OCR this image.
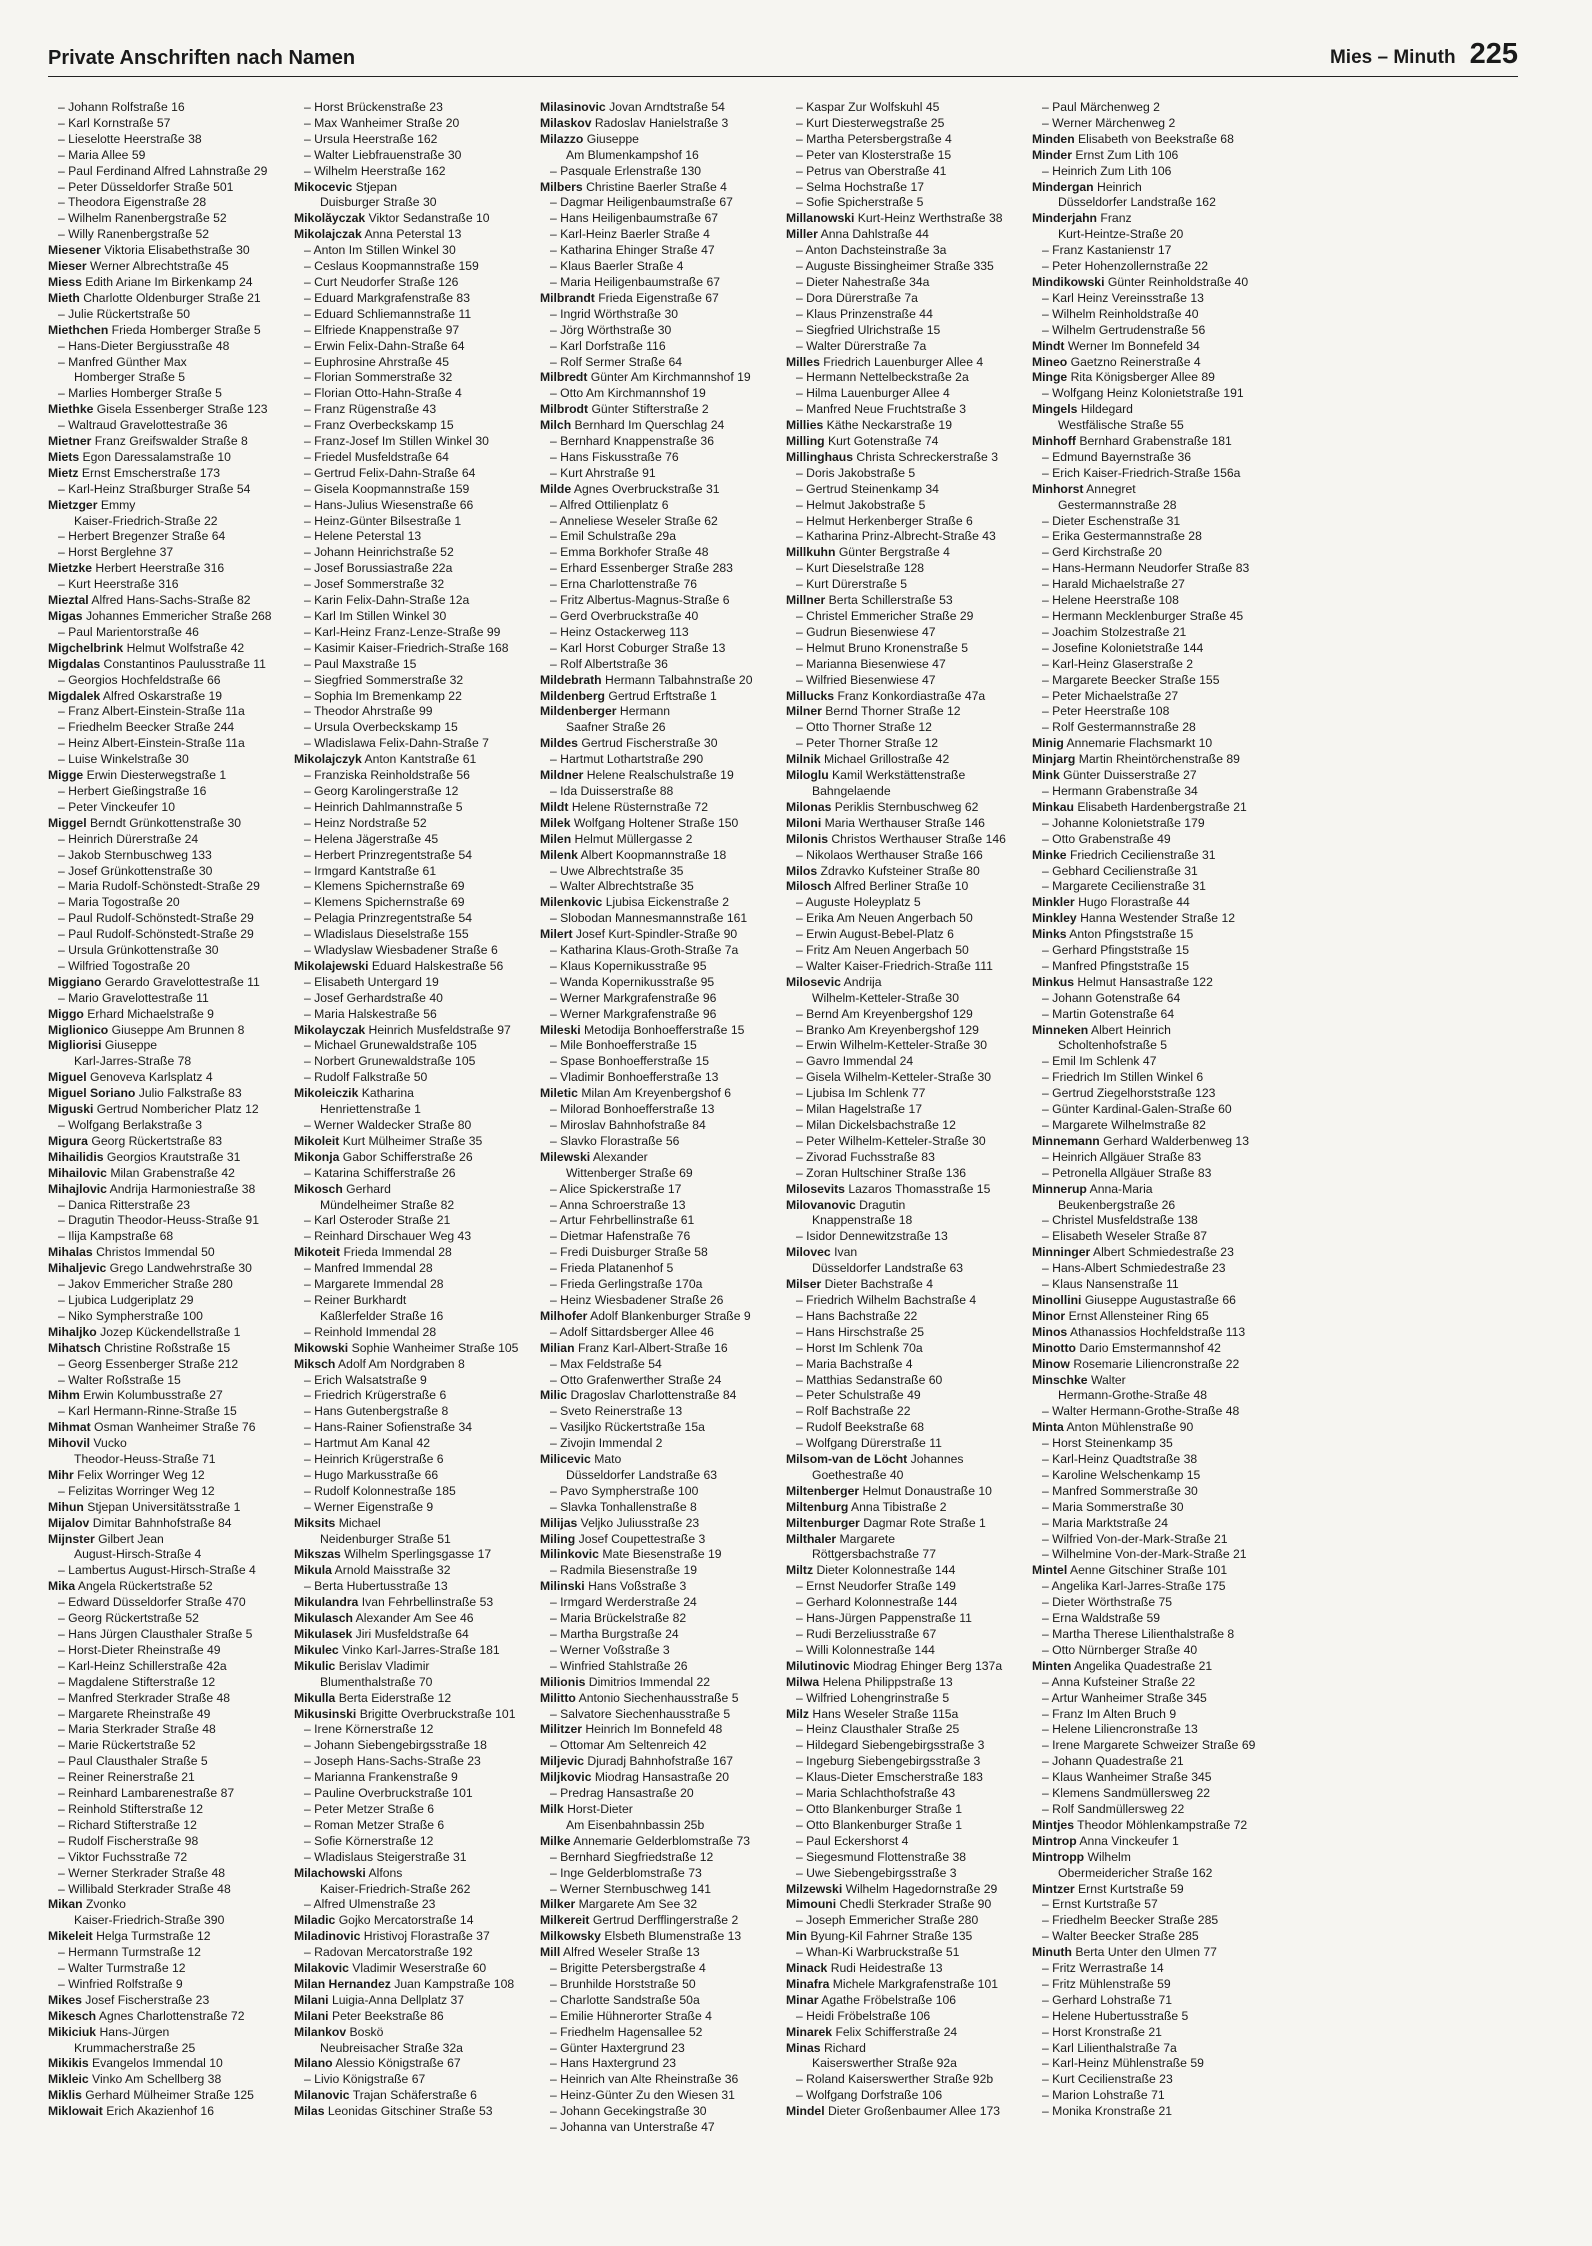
Private Anschriften nach Namen	Mies – Minuth 225
– Johann Rolfstraße 16
– Karl Kornstraße 57
– Lieselotte Heerstraße 38
– Maria Allee 59
– Paul Ferdinand Alfred Lahnstraße 29
– Peter Düsseldorfer Straße 501
– Theodora Eigenstraße 28
– Wilhelm Ranenbergstraße 52
– Willy Ranenbergstraße 52
Miesener Viktoria Elisabethstraße 30
Mieser Werner Albrechtstraße 45
Miess Edith Ariane Im Birkenkamp 24
Mieth Charlotte Oldenburger Straße 21
– Julie Rückertstraße 50
Miethchen Frieda Homberger Straße 5
– Hans-Dieter Bergiusstraße 48
– Manfred Günther Max
Homberger Straße 5
– Marlies Homberger Straße 5
Miethke Gisela Essenberger Straße 123
– Waltraud Gravelottestraße 36
Mietner Franz Greifswalder Straße 8
Miets Egon Daressalamstraße 10
Mietz Ernst Emscherstraße 173
– Karl-Heinz Straßburger Straße 54
Mietzger Emmy
Kaiser-Friedrich-Straße 22
– Herbert Bregenzer Straße 64
– Horst Berglehne 37
Mietzke Herbert Heerstraße 316
– Kurt Heerstraße 316
Mieztal Alfred Hans-Sachs-Straße 82
Migas Johannes Emmericher Straße 268
– Paul Marientorstraße 46
Migchelbrink Helmut Wolfstraße 42
Migdalas Constantinos Paulusstraße 11
– Georgios Hochfeldstraße 66
Migdalek Alfred Oskarstraße 19
– Franz Albert-Einstein-Straße 11a
– Friedhelm Beecker Straße 244
– Heinz Albert-Einstein-Straße 11a
– Luise Winkelstraße 30
Migge Erwin Diesterwegstraße 1
– Herbert Gießingstraße 16
– Peter Vinckeufer 10
Miggel Berndt Grünkottenstraße 30
– Heinrich Dürerstraße 24
– Jakob Sternbuschweg 133
– Josef Grünkottenstraße 30
– Maria Rudolf-Schönstedt-Straße 29
– Maria Togostraße 20
– Paul Rudolf-Schönstedt-Straße 29
– Paul Rudolf-Schönstedt-Straße 29
– Ursula Grünkottenstraße 30
– Wilfried Togostraße 20
Miggiano Gerardo Gravelottestraße 11
– Mario Gravelottestraße 11
Miggo Erhard Michaelstraße 9
Miglionico Giuseppe Am Brunnen 8
Migliorisi Giuseppe
Karl-Jarres-Straße 78
Miguel Genoveva Karlsplatz 4
Miguel Soriano Julio Falkstraße 83
Miguski Gertrud Nombericher Platz 12
– Wolfgang Berlakstraße 3
Migura Georg Rückertstraße 83
Mihailidis Georgios Krautstraße 31
Mihailovic Milan Grabenstraße 42
Mihajlovic Andrija Harmoniestraße 38
– Danica Ritterstraße 23
– Dragutin Theodor-Heuss-Straße 91
– Ilija Kampstraße 68
Mihalas Christos Immendal 50
Mihaljevic Grego Landwehrstraße 30
– Jakov Emmericher Straße 280
– Ljubica Ludgeriplatz 29
– Niko Sympherstraße 100
Mihaljko Jozep Kückendellstraße 1
Mihatsch Christine Roßstraße 15
– Georg Essenberger Straße 212
– Walter Roßstraße 15
Mihm Erwin Kolumbusstraße 27
– Karl Hermann-Rinne-Straße 15
Mihmat Osman Wanheimer Straße 76
Mihovil Vucko
Theodor-Heuss-Straße 71
Mihr Felix Worringer Weg 12
– Felizitas Worringer Weg 12
Mihun Stjepan Universitätsstraße 1
Mijalov Dimitar Bahnhofstraße 84
Mijnster Gilbert Jean
August-Hirsch-Straße 4
– Lambertus August-Hirsch-Straße 4
Mika Angela Rückertstraße 52
– Edward Düsseldorfer Straße 470
– Georg Rückertstraße 52
– Hans Jürgen Clausthaler Straße 5
– Horst-Dieter Rheinstraße 49
– Karl-Heinz Schillerstraße 42a
– Magdalene Stifterstraße 12
– Manfred Sterkrader Straße 48
– Margarete Rheinstraße 49
– Maria Sterkrader Straße 48
– Marie Rückertstraße 52
– Paul Clausthaler Straße 5
– Reiner Reinerstraße 21
– Reinhard Lambarenestraße 87
– Reinhold Stifterstraße 12
– Richard Stifterstraße 12
– Rudolf Fischerstraße 98
– Viktor Fuchsstraße 72
– Werner Sterkrader Straße 48
– Willibald Sterkrader Straße 48
Mikan Zvonko
Kaiser-Friedrich-Straße 390
Mikeleit Helga Turmstraße 12
– Hermann Turmstraße 12
– Walter Turmstraße 12
– Winfried Rolfstraße 9
Mikes Josef Fischerstraße 23
Mikesch Agnes Charlottenstraße 72
Mikiciuk Hans-Jürgen
Krummacherstraße 25
Mikikis Evangelos Immendal 10
Mikleic Vinko Am Schellberg 38
Miklis Gerhard Mülheimer Straße 125
Miklowait Erich Akazienhof 16
– Horst Brückenstraße 23
– Max Wanheimer Straße 20
– Ursula Heerstraße 162
– Walter Liebfrauenstraße 30
– Wilhelm Heerstraße 162
Mikocevic Stjepan
Duisburger Straße 30
Mikolăyczak Viktor Sedanstraße 10
Mikolajczak Anna Peterstal 13
– Anton Im Stillen Winkel 30
– Ceslaus Koopmannstraße 159
– Curt Neudorfer Straße 126
– Eduard Markgrafenstraße 83
– Eduard Schliemannstraße 11
– Elfriede Knappenstraße 97
– Erwin Felix-Dahn-Straße 64
– Euphrosine Ahrstraße 45
– Florian Sommerstraße 32
– Florian Otto-Hahn-Straße 4
– Franz Rügenstraße 43
– Franz Overbeckskamp 15
– Franz-Josef Im Stillen Winkel 30
– Friedel Musfeldstraße 64
– Gertrud Felix-Dahn-Straße 64
– Gisela Koopmannstraße 159
– Hans-Julius Wiesenstraße 66
– Heinz-Günter Bilsestraße 1
– Helene Peterstal 13
– Johann Heinrichstraße 52
– Josef Borussiastraße 22a
– Josef Sommerstraße 32
– Karin Felix-Dahn-Straße 12a
– Karl Im Stillen Winkel 30
– Karl-Heinz Franz-Lenze-Straße 99
– Kasimir Kaiser-Friedrich-Straße 168
– Paul Maxstraße 15
– Siegfried Sommerstraße 32
– Sophia Im Bremenkamp 22
– Theodor Ahrstraße 99
– Ursula Overbeckskamp 15
– Wladislawa Felix-Dahn-Straße 7
Mikolajczyk Anton Kantstraße 61
– Franziska Reinholdstraße 56
– Georg Karolingerstraße 12
– Heinrich Dahlmannstraße 5
– Heinz Nordstraße 52
– Helena Jägerstraße 45
– Herbert Prinzregentstraße 54
– Irmgard Kantstraße 61
– Klemens Spichernstraße 69
– Klemens Spichernstraße 69
– Pelagia Prinzregentstraße 54
– Wladislaus Dieselstraße 155
– Wladyslaw Wiesbadener Straße 6
Mikolajewski Eduard Halskestraße 56
– Elisabeth Untergard 19
– Josef Gerhardstraße 40
– Maria Halskestraße 56
Mikolayczak Heinrich Musfeldstraße 97
– Michael Grunewaldstraße 105
– Norbert Grunewaldstraße 105
– Rudolf Falkstraße 50
Mikoleiczik Katharina
Henriettenstraße 1
– Werner Waldecker Straße 80
Mikoleit Kurt Mülheimer Straße 35
Mikonja Gabor Schifferstraße 26
– Katarina Schifferstraße 26
Mikosch Gerhard
Mündelheimer Straße 82
– Karl Osteroder Straße 21
– Reinhard Dirschauer Weg 43
Mikoteit Frieda Immendal 28
– Manfred Immendal 28
– Margarete Immendal 28
– Reiner Burkhardt
Kaßlerfelder Straße 16
– Reinhold Immendal 28
Mikowski Sophie Wanheimer Straße 105
Miksch Adolf Am Nordgraben 8
– Erich Walsatstraße 9
– Friedrich Krügerstraße 6
– Hans Gutenbergstraße 8
– Hans-Rainer Sofienstraße 34
– Hartmut Am Kanal 42
– Heinrich Krügerstraße 6
– Hugo Markusstraße 66
– Rudolf Kolonnestraße 185
– Werner Eigenstraße 9
Miksits Michael
Neidenburger Straße 51
Mikszas Wilhelm Sperlingsgasse 17
Mikula Arnold Maisstraße 32
– Berta Hubertusstraße 13
Mikulandra Ivan Fehrbellinstraße 53
Mikulasch Alexander Am See 46
Mikulasek Jiri Musfeldstraße 64
Mikulec Vinko Karl-Jarres-Straße 181
Mikulic Berislav Vladimir
Blumenthalstraße 70
Mikulla Berta Eiderstraße 12
Mikusinski Brigitte Overbruckstraße 101
– Irene Körnerstraße 12
– Johann Siebengebirgsstraße 18
– Joseph Hans-Sachs-Straße 23
– Marianna Frankenstraße 9
– Pauline Overbruckstraße 101
– Peter Metzer Straße 6
– Roman Metzer Straße 6
– Sofie Körnerstraße 12
– Wladislaus Steigerstraße 31
Milachowski Alfons
Kaiser-Friedrich-Straße 262
– Alfred Ulmenstraße 23
Miladic Gojko Mercatorstraße 14
Miladinovic Hristivoj Florastraße 37
– Radovan Mercatorstraße 192
Milakovic Vladimir Weserstraße 60
Milan Hernandez Juan Kampstraße 108
Milani Luigia-Anna Dellplatz 37
Milani Peter Beekstraße 86
Milankov Boskö
Neubreisacher Straße 32a
Milano Alessio Königstraße 67
– Livio Königstraße 67
Milanovic Trajan Schäferstraße 6
Milas Leonidas Gitschiner Straße 53
Milasinovic Jovan Arndtstraße 54
Milaskov Radoslav Hanielstraße 3
Milazzo Giuseppe
Am Blumenkampshof 16
– Pasquale Erlenstraße 130
Milbers Christine Baerler Straße 4
– Dagmar Heiligenbaumstraße 67
– Hans Heiligenbaumstraße 67
– Karl-Heinz Baerler Straße 4
– Katharina Ehinger Straße 47
– Klaus Baerler Straße 4
– Maria Heiligenbaumstraße 67
Milbrandt Frieda Eigenstraße 67
– Ingrid Wörthstraße 30
– Jörg Wörthstraße 30
– Karl Dorfstraße 116
– Rolf Sermer Straße 64
Milbredt Günter Am Kirchmannshof 19
– Otto Am Kirchmannshof 19
Milbrodt Günter Stifterstraße 2
Milch Bernhard Im Querschlag 24
– Bernhard Knappenstraße 36
– Hans Fiskusstraße 76
– Kurt Ahrstraße 91
Milde Agnes Overbruckstraße 31
– Alfred Ottilienplatz 6
– Anneliese Weseler Straße 62
– Emil Schulstraße 29a
– Emma Borkhofer Straße 48
– Erhard Essenberger Straße 283
– Erna Charlottenstraße 76
– Fritz Albertus-Magnus-Straße 6
– Gerd Overbruckstraße 40
– Heinz Ostackerweg 113
– Karl Horst Coburger Straße 13
– Rolf Albertstraße 36
Mildebrath Hermann Talbahnstraße 20
Mildenberg Gertrud Erftstraße 1
Mildenberger Hermann
Saafner Straße 26
Mildes Gertrud Fischerstraße 30
– Hartmut Lothartstraße 290
Mildner Helene Realschulstraße 19
– Ida Duisserstraße 88
Mildt Helene Rüsternstraße 72
Milek Wolfgang Holtener Straße 150
Milen Helmut Müllergasse 2
Milenk Albert Koopmannstraße 18
– Uwe Albrechtstraße 35
– Walter Albrechtstraße 35
Milenkovic Ljubisa Eickenstraße 2
– Slobodan Mannesmannstraße 161
Milert Josef Kurt-Spindler-Straße 90
– Katharina Klaus-Groth-Straße 7a
– Klaus Kopernikusstraße 95
– Wanda Kopernikusstraße 95
– Werner Markgrafenstraße 96
– Werner Markgrafenstraße 96
Mileski Metodija Bonhoefferstraße 15
– Mile Bonhoefferstraße 15
– Spase Bonhoefferstraße 15
– Vladimir Bonhoefferstraße 13
Miletic Milan Am Kreyenbergshof 6
– Milorad Bonhoefferstraße 13
– Miroslav Bahnhofstraße 84
– Slavko Florastraße 56
Milewski Alexander
Wittenberger Straße 69
– Alice Spickerstraße 17
– Anna Schroerstraße 13
– Artur Fehrbellinstraße 61
– Dietmar Hafenstraße 76
– Fredi Duisburger Straße 58
– Frieda Platanenhof 5
– Frieda Gerlingstraße 170a
– Heinz Wiesbadener Straße 26
Milhofer Adolf Blankenburger Straße 9
– Adolf Sittardsberger Allee 46
Milian Franz Karl-Albert-Straße 16
– Max Feldstraße 54
– Otto Grafenwerther Straße 24
Milic Dragoslav Charlottenstraße 84
– Sveto Reinerstraße 13
– Vasiljko Rückertstraße 15a
– Zivojin Immendal 2
Milicevic Mato
Düsseldorfer Landstraße 63
– Pavo Sympherstraße 100
– Slavka Tonhallenstraße 8
Milijas Veljko Juliusstraße 23
Miling Josef Coupettestraße 3
Milinkovic Mate Biesenstraße 19
– Radmila Biesenstraße 19
Milinski Hans Voßstraße 3
– Irmgard Werderstraße 24
– Maria Brückelstraße 82
– Martha Burgstraße 24
– Werner Voßstraße 3
– Winfried Stahlstraße 26
Milionis Dimitrios Immendal 22
Militto Antonio Siechenhausstraße 5
– Salvatore Siechenhausstraße 5
Militzer Heinrich Im Bonnefeld 48
– Ottomar Am Seltenreich 42
Miljevic Djuradj Bahnhofstraße 167
Miljkovic Miodrag Hansastraße 20
– Predrag Hansastraße 20
Milk Horst-Dieter
Am Eisenbahnbassin 25b
Milke Annemarie Gelderblomstraße 73
– Bernhard Siegfriedstraße 12
– Inge Gelderblomstraße 73
– Werner Sternbuschweg 141
Milker Margarete Am See 32
Milkereit Gertrud Derfflingerstraße 2
Milkowsky Elsbeth Blumenstraße 13
Mill Alfred Weseler Straße 13
– Brigitte Petersbergstraße 4
– Brunhilde Horststraße 50
– Charlotte Sandstraße 50a
– Emilie Hühnerorter Straße 4
– Friedhelm Hagensallee 52
– Günter Haxtergrund 23
– Hans Haxtergrund 23
– Heinrich van Alte Rheinstraße 36
– Heinz-Günter Zu den Wiesen 31
– Johann Gecekingstraße 30
– Johanna van Unterstraße 47
– Kaspar Zur Wolfskuhl 45
– Kurt Diesterwegstraße 25
– Martha Petersbergstraße 4
– Peter van Klosterstraße 15
– Petrus van Oberstraße 41
– Selma Hochstraße 17
– Sofie Spicherstraße 5
Millanowski Kurt-Heinz Werthstraße 38
Miller Anna Dahlstraße 44
– Anton Dachsteinstraße 3a
– Auguste Bissingheimer Straße 335
– Dieter Nahestraße 34a
– Dora Dürerstraße 7a
– Klaus Prinzenstraße 44
– Siegfried Ulrichstraße 15
– Walter Dürerstraße 7a
Milles Friedrich Lauenburger Allee 4
– Hermann Nettelbeckstraße 2a
– Hilma Lauenburger Allee 4
– Manfred Neue Fruchtstraße 3
Millies Käthe Neckarstraße 19
Milling Kurt Gotenstraße 74
Millinghaus Christa Schreckerstraße 3
– Doris Jakobstraße 5
– Gertrud Steinenkamp 34
– Helmut Jakobstraße 5
– Helmut Herkenberger Straße 6
– Katharina Prinz-Albrecht-Straße 43
Millkuhn Günter Bergstraße 4
– Kurt Dieselstraße 128
– Kurt Dürerstraße 5
Millner Berta Schillerstraße 53
– Christel Emmericher Straße 29
– Gudrun Biesenwiese 47
– Helmut Bruno Kronenstraße 5
– Marianna Biesenwiese 47
– Wilfried Biesenwiese 47
Millucks Franz Konkordiastraße 47a
Milner Bernd Thorner Straße 12
– Otto Thorner Straße 12
– Peter Thorner Straße 12
Milnik Michael Grillostraße 42
Miloglu Kamil Werkstättenstraße
Bahngelaende
Milonas Periklis Sternbuschweg 62
Miloni Maria Werthauser Straße 146
Milonis Christos Werthauser Straße 146
– Nikolaos Werthauser Straße 166
Milos Zdravko Kufsteiner Straße 80
Milosch Alfred Berliner Straße 10
– Auguste Holeyplatz 5
– Erika Am Neuen Angerbach 50
– Erwin August-Bebel-Platz 6
– Fritz Am Neuen Angerbach 50
– Walter Kaiser-Friedrich-Straße 111
Milosevic Andrija
Wilhelm-Ketteler-Straße 30
– Bernd Am Kreyenbergshof 129
– Branko Am Kreyenbergshof 129
– Erwin Wilhelm-Ketteler-Straße 30
– Gavro Immendal 24
– Gisela Wilhelm-Ketteler-Straße 30
– Ljubisa Im Schlenk 77
– Milan Hagelstraße 17
– Milan Dickelsbachstraße 12
– Peter Wilhelm-Ketteler-Straße 30
– Zivorad Fuchsstraße 83
– Zoran Hultschiner Straße 136
Milosevits Lazaros Thomasstraße 15
Milovanovic Dragutin
Knappenstraße 18
– Isidor Dennewitzstraße 13
Milovec Ivan
Düsseldorfer Landstraße 63
Milser Dieter Bachstraße 4
– Friedrich Wilhelm Bachstraße 4
– Hans Bachstraße 22
– Hans Hirschstraße 25
– Horst Im Schlenk 70a
– Maria Bachstraße 4
– Matthias Sedanstraße 60
– Peter Schulstraße 49
– Rolf Bachstraße 22
– Rudolf Beekstraße 68
– Wolfgang Dürerstraße 11
Milsom-van de Löcht Johannes
Goethestraße 40
Miltenberger Helmut Donaustraße 10
Miltenburg Anna Tibistraße 2
Miltenburger Dagmar Rote Straße 1
Milthaler Margarete
Röttgersbachstraße 77
Miltz Dieter Kolonnestraße 144
– Ernst Neudorfer Straße 149
– Gerhard Kolonnestraße 144
– Hans-Jürgen Pappenstraße 11
– Rudi Berzeliusstraße 67
– Willi Kolonnestraße 144
Milutinovic Miodrag Ehinger Berg 137a
Milwa Helena Philippstraße 13
– Wilfried Lohengrinstraße 5
Milz Hans Weseler Straße 115a
– Heinz Clausthaler Straße 25
– Hildegard Siebengebirgsstraße 3
– Ingeburg Siebengebirgsstraße 3
– Klaus-Dieter Emscherstraße 183
– Maria Schlachthofstraße 43
– Otto Blankenburger Straße 1
– Otto Blankenburger Straße 1
– Paul Eckershorst 4
– Siegesmund Flottenstraße 38
– Uwe Siebengebirgsstraße 3
Milzewski Wilhelm Hagedornstraße 29
Mimouni Chedli Sterkrader Straße 90
– Joseph Emmericher Straße 280
Min Byung-Kil Fahrner Straße 135
– Whan-Ki Warbruckstraße 51
Minack Rudi Heidestraße 13
Minafra Michele Markgrafenstraße 101
Minar Agathe Fröbelstraße 106
– Heidi Fröbelstraße 106
Minarek Felix Schifferstraße 24
Minas Richard
Kaiserswerther Straße 92a
– Roland Kaiserswerther Straße 92b
– Wolfgang Dorfstraße 106
Mindel Dieter Großenbaumer Allee 173
– Paul Märchenweg 2
– Werner Märchenweg 2
Minden Elisabeth von Beekstraße 68
Minder Ernst Zum Lith 106
– Heinrich Zum Lith 106
Mindergan Heinrich
Düsseldorfer Landstraße 162
Minderjahn Franz
Kurt-Heintze-Straße 20
– Franz Kastanienstr 17
– Peter Hohenzollernstraße 22
Mindikowski Günter Reinholdstraße 40
– Karl Heinz Vereinsstraße 13
– Wilhelm Reinholdstraße 40
– Wilhelm Gertrudenstraße 56
Mindt Werner Im Bonnefeld 34
Mineo Gaetzno Reinerstraße 4
Minge Rita Königsberger Allee 89
– Wolfgang Heinz Kolonietstraße 191
Mingels Hildegard
Westfälische Straße 55
Minhoff Bernhard Grabenstraße 181
– Edmund Bayernstraße 36
– Erich Kaiser-Friedrich-Straße 156a
Minhorst Annegret
Gestermannstraße 28
– Dieter Eschenstraße 31
– Erika Gestermannstraße 28
– Gerd Kirchstraße 20
– Hans-Hermann Neudorfer Straße 83
– Harald Michaelstraße 27
– Helene Heerstraße 108
– Hermann Mecklenburger Straße 45
– Joachim Stolzestraße 21
– Josefine Kolonietstraße 144
– Karl-Heinz Glaserstraße 2
– Margarete Beecker Straße 155
– Peter Michaelstraße 27
– Peter Heerstraße 108
– Rolf Gestermannstraße 28
Minig Annemarie Flachsmarkt 10
Minjarg Martin Rheintörchenstraße 89
Mink Günter Duisserstraße 27
– Hermann Grabenstraße 34
Minkau Elisabeth Hardenbergstraße 21
– Johanne Kolonietstraße 179
– Otto Grabenstraße 49
Minke Friedrich Cecilienstraße 31
– Gebhard Cecilienstraße 31
– Margarete Cecilienstraße 31
Minkler Hugo Florastraße 44
Minkley Hanna Westender Straße 12
Minks Anton Pfingststraße 15
– Gerhard Pfingststraße 15
– Manfred Pfingststraße 15
Minkus Helmut Hansastraße 122
– Johann Gotenstraße 64
– Martin Gotenstraße 64
Minneken Albert Heinrich
Scholtenhofstraße 5
– Emil Im Schlenk 47
– Friedrich Im Stillen Winkel 6
– Gertrud Ziegelhorststraße 123
– Günter Kardinal-Galen-Straße 60
– Margarete Wilhelmstraße 82
Minnemann Gerhard Walderbenweg 13
– Heinrich Allgäuer Straße 83
– Petronella Allgäuer Straße 83
Minnerup Anna-Maria
Beukenbergstraße 26
– Christel Musfeldstraße 138
– Elisabeth Weseler Straße 87
Minninger Albert Schmiedestraße 23
– Hans-Albert Schmiedestraße 23
– Klaus Nansenstraße 11
Minollini Giuseppe Augustastraße 66
Minor Ernst Allensteiner Ring 65
Minos Athanassios Hochfeldstraße 113
Minotto Dario Emstermannshof 42
Minow Rosemarie Liliencronstraße 22
Minschke Walter
Hermann-Grothe-Straße 48
– Walter Hermann-Grothe-Straße 48
Minta Anton Mühlenstraße 90
– Horst Steinenkamp 35
– Karl-Heinz Quadtstraße 38
– Karoline Welschenkamp 15
– Manfred Sommerstraße 30
– Maria Sommerstraße 30
– Maria Marktstraße 24
– Wilfried Von-der-Mark-Straße 21
– Wilhelmine Von-der-Mark-Straße 21
Mintel Aenne Gitschiner Straße 101
– Angelika Karl-Jarres-Straße 175
– Dieter Wörthstraße 75
– Erna Waldstraße 59
– Martha Therese Lilienthalstraße 8
– Otto Nürnberger Straße 40
Minten Angelika Quadestraße 21
– Anna Kufsteiner Straße 22
– Artur Wanheimer Straße 345
– Franz Im Alten Bruch 9
– Helene Liliencronstraße 13
– Irene Margarete Schweizer Straße 69
– Johann Quadestraße 21
– Klaus Wanheimer Straße 345
– Klemens Sandmüllersweg 22
– Rolf Sandmüllersweg 22
Mintjes Theodor Möhlenkampstraße 72
Mintrop Anna Vinckeufer 1
Mintropp Wilhelm
Obermeidericher Straße 162
Mintzer Ernst Kurtstraße 59
– Ernst Kurtstraße 57
– Friedhelm Beecker Straße 285
– Walter Beecker Straße 285
Minuth Berta Unter den Ulmen 77
– Fritz Werrastraße 14
– Fritz Mühlenstraße 59
– Gerhard Lohstraße 71
– Helene Hubertusstraße 5
– Horst Kronstraße 21
– Karl Lilienthalstraße 7a
– Karl-Heinz Mühlenstraße 59
– Kurt Cecilienstraße 23
– Marion Lohstraße 71
– Monika Kronstraße 21
